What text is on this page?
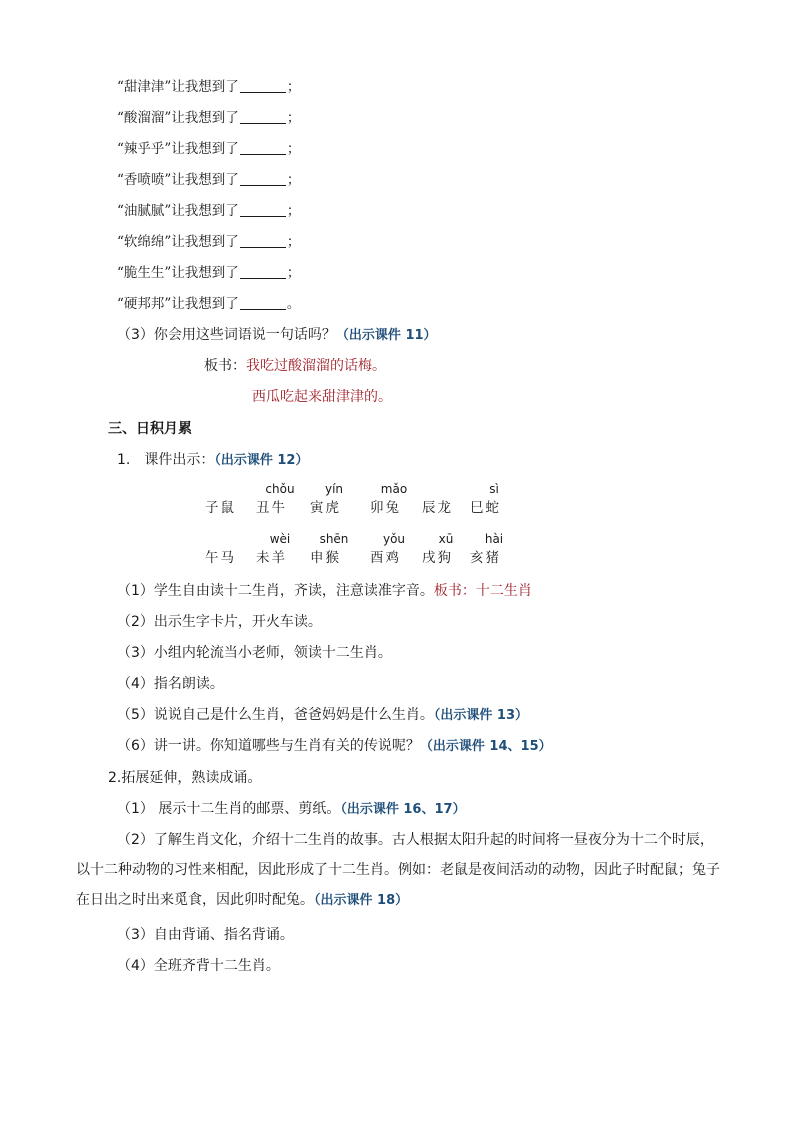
“甜津津”让我想到了	；
“酸溜溜”让我想到了	；
“辣乎乎”让我想到了	；
“香喷喷”让我想到了	；
“油腻腻”让我想到了	；
“软绵绵”让我想到了	；
“脆生生”让我想到了	；
“硬邦邦”让我想到了	。
（3）你会用这些词语说一句话吗？（出示课件 11）
板书：我吃过酸溜溜的话梅。
西瓜吃起来甜津津的。
三、日积月累
1.　课件出示：（出示课件 12）
子鼠
chǒu
丑牛
yín
寅虎
mǎo
卯兔 辰龙
sì
巳蛇
午马
wèi
未羊
shēn
申猴
yǒu
酉鸡
xū
戌狗
hài
亥猪
（1）学生自由读十二生肖，齐读，注意读准字音。板书：十二生肖
（2）出示生字卡片，开火车读。
（3）小组内轮流当小老师，领读十二生肖。
（4）指名朗读。
（5）说说自己是什么生肖，爸爸妈妈是什么生肖。（出示课件 13）
（6）讲一讲。你知道哪些与生肖有关的传说呢？（出示课件 14、15）
2.拓展延伸，熟读成诵。
（1） 展示十二生肖的邮票、剪纸。（出示课件 16、17）
（2）了解生肖文化，介绍十二生肖的故事。古人根据太阳升起的时间将一昼夜分为十二个时辰，以十二种动物的习性来相配，因此形成了十二生肖。例如：老鼠是夜间活动的动物，因此子时配鼠；兔子在日出之时出来觅食，因此卯时配兔。（出示课件 18）
（3）自由背诵、指名背诵。
（4）全班齐背十二生肖。
